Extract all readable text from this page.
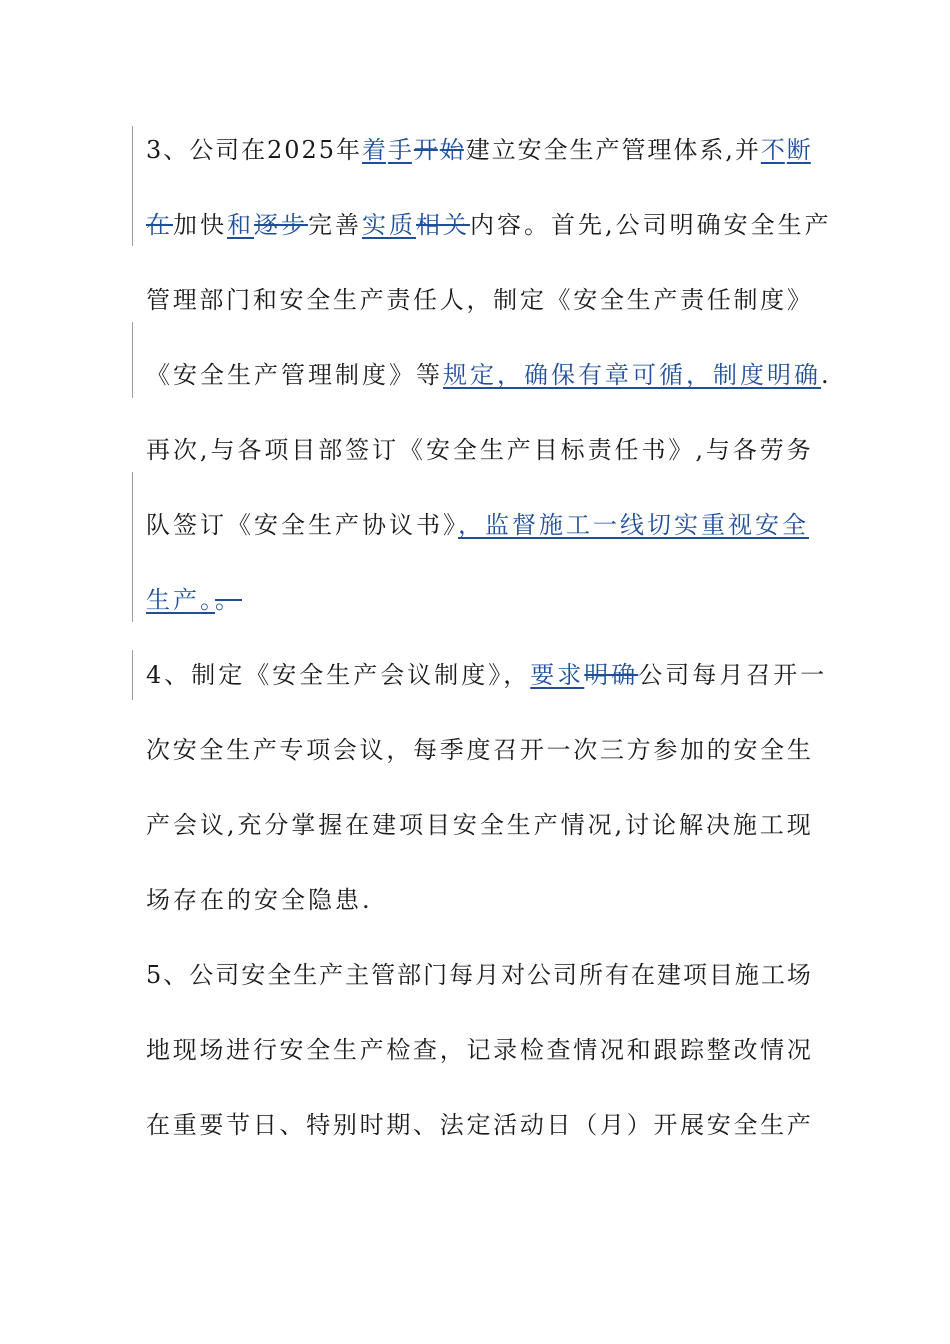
3 、 公 司 在 2 0 2 5 年 着 手 开 始 建 立 安 全 生 产 管 理 体 系 , 并 不 断
在加快和逐步完善实质相关内容。首先,公司明确安全生产
管 理 部 门 和 安 全 生 产 责 任 人 ， 制 定 《 安 全 生 产 责 任 制 度 》
《安全生产管理制度》等规定，确保有章可循，制度明确.
再 次 , 与 各 项 目 部 签 订 《 安 全 生 产 目 标 责 任 书 》 , 与 各 劳 务
队签订《安全生产协议书》，监督施工一线切实重视安全
生产。。
4、制定《安全生产会议制度》，要求明确公司每月召开一
次 安 全 生 产 专 项 会 议 ， 每 季 度 召 开 一 次 三 方 参 加 的 安 全 生
产 会 议 , 充 分 掌 握 在 建 项 目 安 全 生 产 情 况 , 讨 论 解 决 施 工 现
场存在的安全隐患.
5 、 公 司 安 全 生 产 主 管 部 门 每 月 对 公 司 所 有 在 建 项 目 施 工 场
地 现 场 进 行 安 全 生 产 检 查 ， 记 录 检 查 情 况 和 跟 踪 整 改 情 况
在 重 要 节 日 、 特 别 时 期 、 法 定 活 动 日 （ 月 ） 开 展 安 全 生 产
